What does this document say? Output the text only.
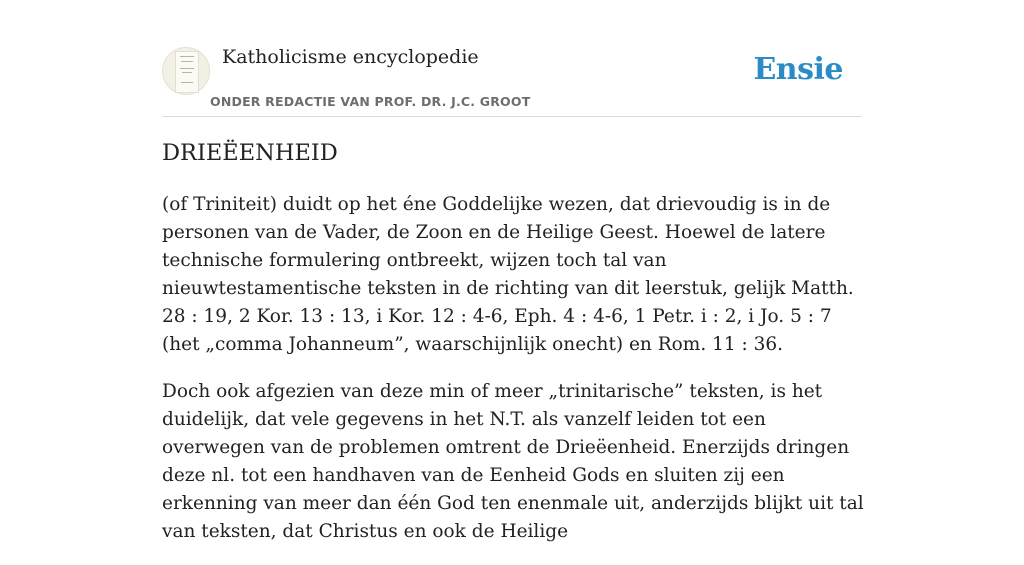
Katholicisme encyclopedie
ONDER REDACTIE VAN PROF. DR. J.C. GROOT
Ensie
DRIEËENHEID

(of Triniteit) duidt op het éne Goddelijke wezen, dat drievoudig is in de personen van de Vader, de Zoon en de Heilige Geest. Hoewel de latere technische formulering ontbreekt, wijzen toch tal van nieuwtestamentische teksten in de richting van dit leerstuk, gelijk Matth. 28 : 19, 2 Kor. 13 : 13, i Kor. 12 : 4-6, Eph. 4 : 4-6, 1 Petr. i : 2, i Jo. 5 : 7 (het „comma Johanneum”, waarschijnlijk onecht) en Rom. 11 : 36.

Doch ook afgezien van deze min of meer „trinitarische” teksten, is het duidelijk, dat vele gegevens in het N.T. als vanzelf leiden tot een overwegen van de problemen omtrent de Drieëenheid. Enerzijds dringen deze nl. tot een handhaven van de Eenheid Gods en sluiten zij een erkenning van meer dan één God ten enenmale uit, anderzijds blijkt uit tal van teksten, dat Christus en ook de Heilige
